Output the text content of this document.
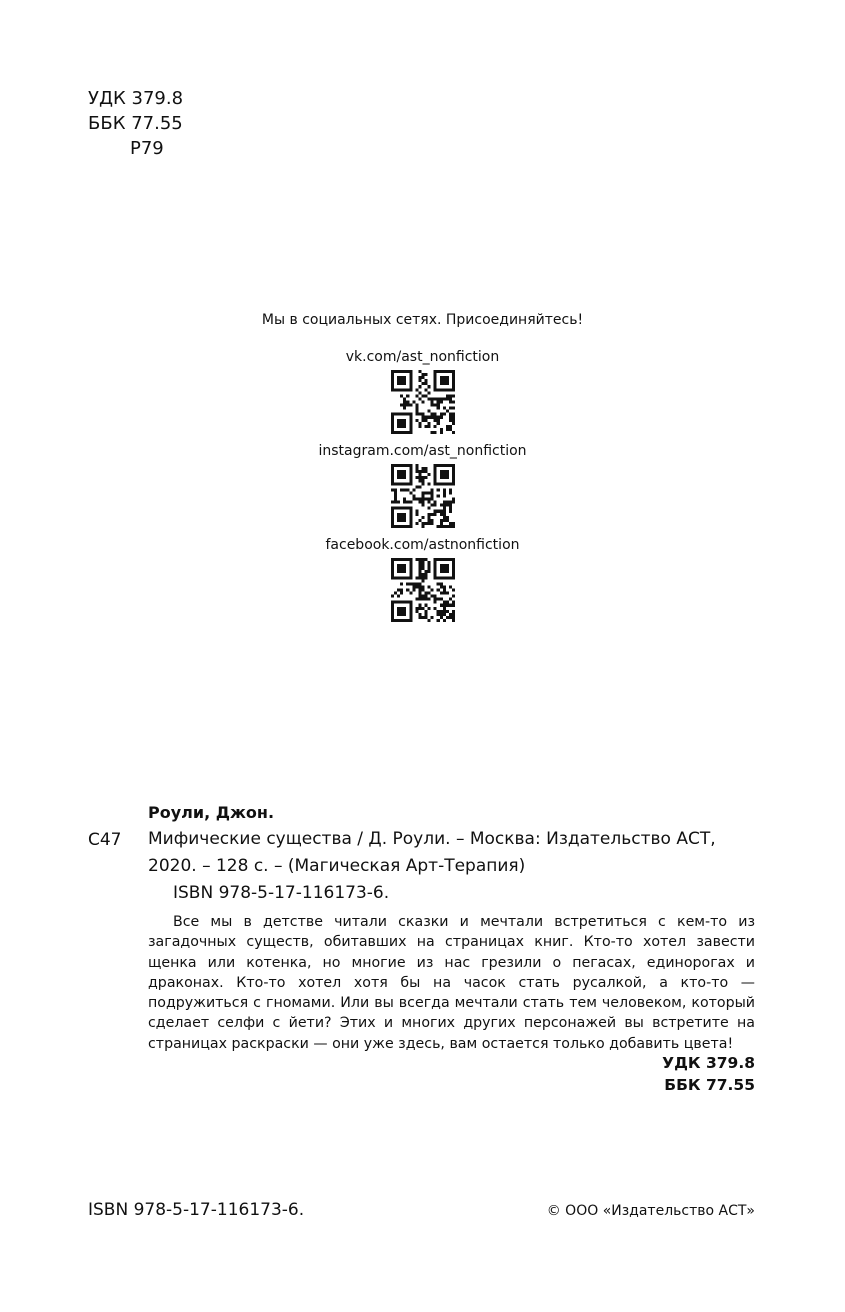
УДК 379.8
ББК 77.55
Р79
Мы в социальных сетях. Присоединяйтесь!
vk.com/ast_nonfiction
instagram.com/ast_nonfiction
facebook.com/astnonfiction
Роули, Джон.
С47 Мифические существа / Д. Роули. – Москва: Издательство АСТ,
2020. – 128 с. – (Магическая Арт-Терапия)
ISBN 978-5-17-116173-6.
Все мы в детстве читали сказки и мечтали встретиться с кем-то из загадочных существ, обитавших на страницах книг. Кто-то хотел завести щенка или котенка, но многие из нас грезили о пегасах, единорогах и драконах. Кто-то хотел хотя бы на часок стать русалкой, а кто-то — подружиться с гномами. Или вы всегда мечтали стать тем человеком, который сделает селфи с йети? Этих и многих других персонажей вы встретите на страницах раскраски — они уже здесь, вам остается только добавить цвета!
УДК 379.8
ББК 77.55
ISBN 978-5-17-116173-6.	© ООО «Издательство АСТ»
